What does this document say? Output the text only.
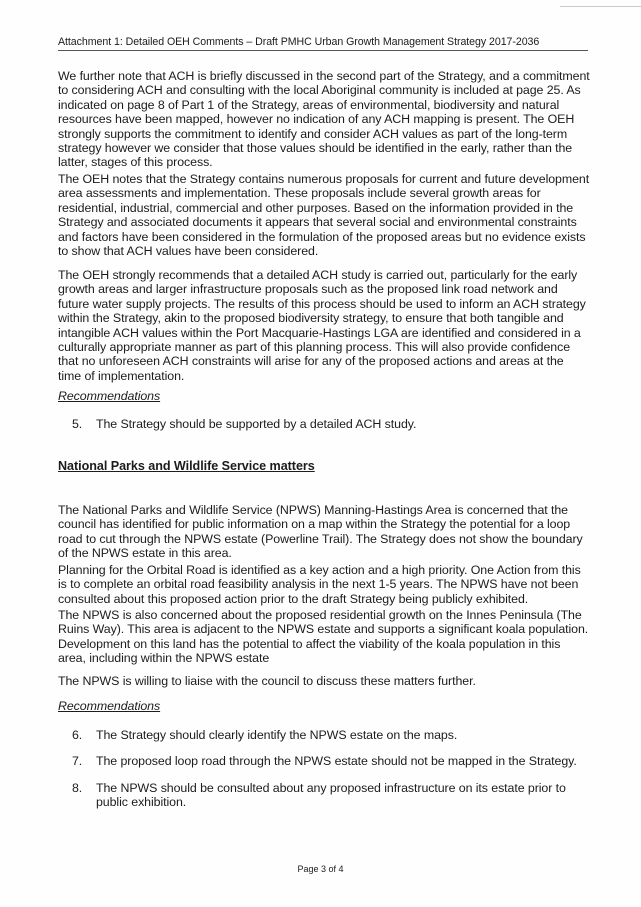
Attachment 1: Detailed OEH Comments – Draft PMHC Urban Growth Management Strategy 2017-2036

We further note that ACH is briefly discussed in the second part of the Strategy, and a commitment to considering ACH and consulting with the local Aboriginal community is included at page 25. As indicated on page 8 of Part 1 of the Strategy, areas of environmental, biodiversity and natural resources have been mapped, however no indication of any ACH mapping is present. The OEH strongly supports the commitment to identify and consider ACH values as part of the long-term strategy however we consider that those values should be identified in the early, rather than the latter, stages of this process.

The OEH notes that the Strategy contains numerous proposals for current and future development area assessments and implementation. These proposals include several growth areas for residential, industrial, commercial and other purposes. Based on the information provided in the Strategy and associated documents it appears that several social and environmental constraints and factors have been considered in the formulation of the proposed areas but no evidence exists to show that ACH values have been considered.

The OEH strongly recommends that a detailed ACH study is carried out, particularly for the early growth areas and larger infrastructure proposals such as the proposed link road network and future water supply projects. The results of this process should be used to inform an ACH strategy within the Strategy, akin to the proposed biodiversity strategy, to ensure that both tangible and intangible ACH values within the Port Macquarie-Hastings LGA are identified and considered in a culturally appropriate manner as part of this planning process. This will also provide confidence that no unforeseen ACH constraints will arise for any of the proposed actions and areas at the time of implementation.

Recommendations
5.	The Strategy should be supported by a detailed ACH study.
National Parks and Wildlife Service matters

The National Parks and Wildlife Service (NPWS) Manning-Hastings Area is concerned that the council has identified for public information on a map within the Strategy the potential for a loop road to cut through the NPWS estate (Powerline Trail). The Strategy does not show the boundary of the NPWS estate in this area.

Planning for the Orbital Road is identified as a key action and a high priority. One Action from this is to complete an orbital road feasibility analysis in the next 1-5 years. The NPWS have not been consulted about this proposed action prior to the draft Strategy being publicly exhibited.

The NPWS is also concerned about the proposed residential growth on the Innes Peninsula (The Ruins Way). This area is adjacent to the NPWS estate and supports a significant koala population. Development on this land has the potential to affect the viability of the koala population in this area, including within the NPWS estate

The NPWS is willing to liaise with the council to discuss these matters further.

Recommendations
6.	The Strategy should clearly identify the NPWS estate on the maps.
7.	The proposed loop road through the NPWS estate should not be mapped in the Strategy.
8.	The NPWS should be consulted about any proposed infrastructure on its estate prior to public exhibition.
Page 3 of 4
